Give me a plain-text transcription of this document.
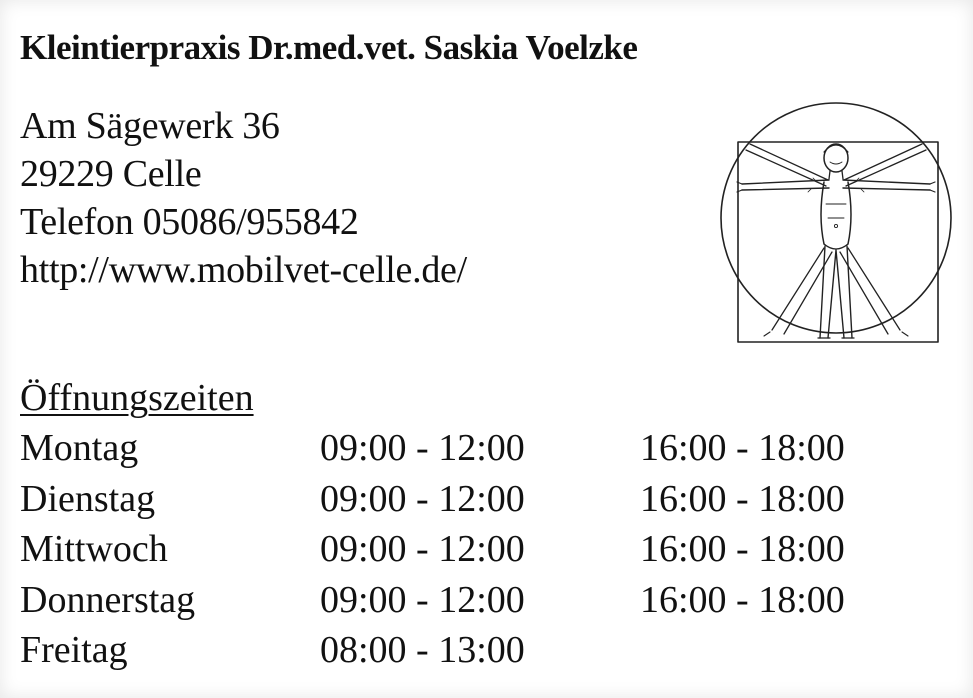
Kleintierpraxis Dr.med.vet. Saskia Voelzke
Am Sägewerk 36
29229 Celle
Telefon 05086/955842
http://www.mobilvet-celle.de/
Öffnungszeiten
Montag	09:00 - 12:00	16:00 - 18:00
Dienstag	09:00 - 12:00	16:00 - 18:00
Mittwoch	09:00 - 12:00	16:00 - 18:00
Donnerstag	09:00 - 12:00	16:00 - 18:00
Freitag	08:00 - 13:00
